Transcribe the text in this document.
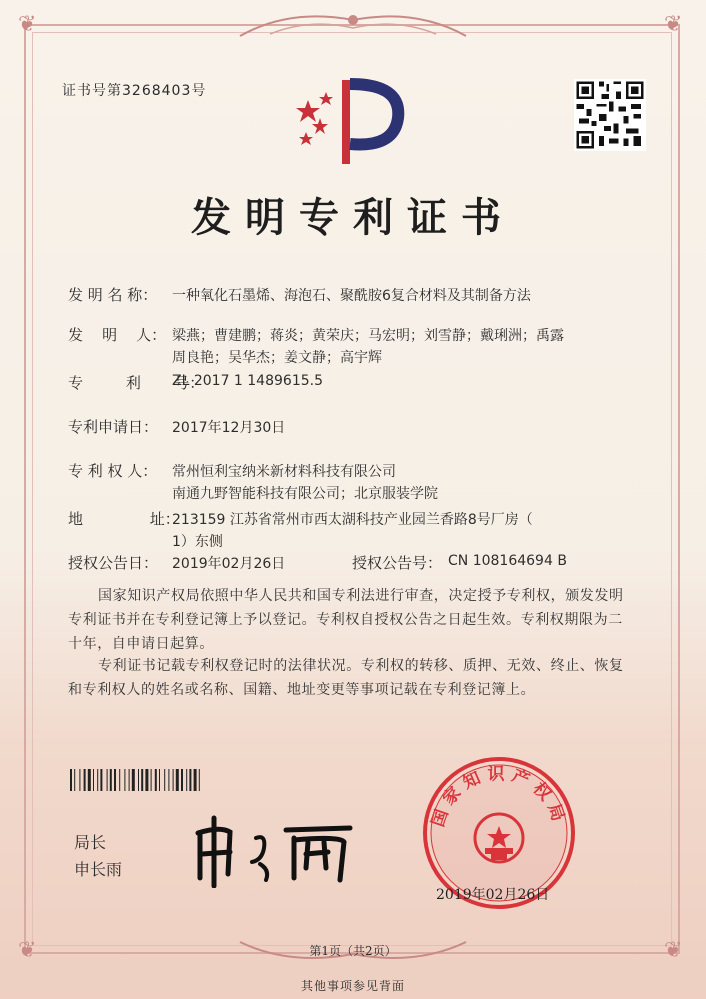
❦	❦
❦	❦
证书号第3268403号
发明专利证书
发 明 名 称： 一种氧化石墨烯、海泡石、聚酰胺6复合材料及其制备方法
发    明    人： 梁燕；曹建鹏；蒋炎；黄荣庆；马宏明；刘雪静；戴琍洲；禹露
周良艳；吴华杰；姜文静；高宇辉
专         利       号：
ZL 2017 1 1489615.5
专利申请日： 2017年12月30日
专 利 权 人： 常州恒利宝纳米新材料科技有限公司
南通九野智能科技有限公司；北京服装学院
地              址：
213159 江苏省常州市西太湖科技产业园兰香路8号厂房（
1）东侧
授权公告日： 2019年02月26日	授权公告号： CN 108164694 B
国家知识产权局依照中华人民共和国专利法进行审查，决定授予专利权，颁发发明专利证书并在专利登记簿上予以登记。专利权自授权公告之日起生效。专利权期限为二十年，自申请日起算。
专利证书记载专利权登记时的法律状况。专利权的转移、质押、无效、终止、恢复和专利权人的姓名或名称、国籍、地址变更等事项记载在专利登记簿上。
局长
申长雨
国家知识产权局
2019年02月26日
第1页（共2页）
其他事项参见背面
